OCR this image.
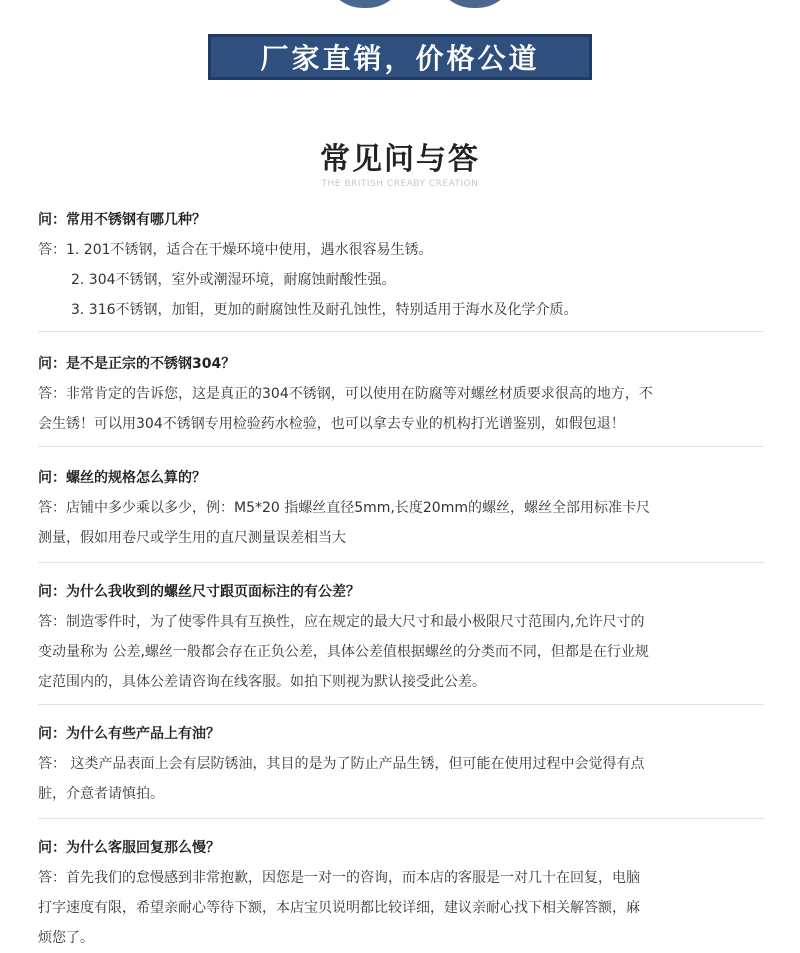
厂家直销，价格公道
常见问与答
THE BRITISH CREABY CREATION

问：常用不锈钢有哪几种？

答：1. 201不锈钢，适合在干燥环境中使用，遇水很容易生锈。
2. 304不锈钢，室外或潮湿环境，耐腐蚀耐酸性强。
3. 316不锈钢，加钼，更加的耐腐蚀性及耐孔蚀性，特别适用于海水及化学介质。

问：是不是正宗的不锈钢304？

答：非常肯定的告诉您，这是真正的304不锈钢，可以使用在防腐等对螺丝材质要求很高的地方，不
会生锈！可以用304不锈钢专用检验药水检验，也可以拿去专业的机构打光谱鉴别，如假包退！

问：螺丝的规格怎么算的？

答：店铺中多少乘以多少，例：M5*20 指螺丝直径5mm,长度20mm的螺丝，螺丝全部用标准卡尺
测量，假如用卷尺或学生用的直尺测量误差相当大

问：为什么我收到的螺丝尺寸跟页面标注的有公差？

答：制造零件时，为了使零件具有互换性，应在规定的最大尺寸和最小极限尺寸范围内,允许尺寸的
变动量称为 公差,螺丝一般都会存在正负公差，具体公差值根据螺丝的分类而不同，但都是在行业规
定范围内的，具体公差请咨询在线客服。如拍下则视为默认接受此公差。

问：为什么有些产品上有油？

答： 这类产品表面上会有层防锈油，其目的是为了防止产品生锈，但可能在使用过程中会觉得有点
脏，介意者请慎拍。

问：为什么客服回复那么慢？

答：首先我们的怠慢感到非常抱歉，因您是一对一的咨询，而本店的客服是一对几十在回复，电脑
打字速度有限，希望亲耐心等待下额，本店宝贝说明都比较详细，建议亲耐心找下相关解答额，麻
烦您了。
